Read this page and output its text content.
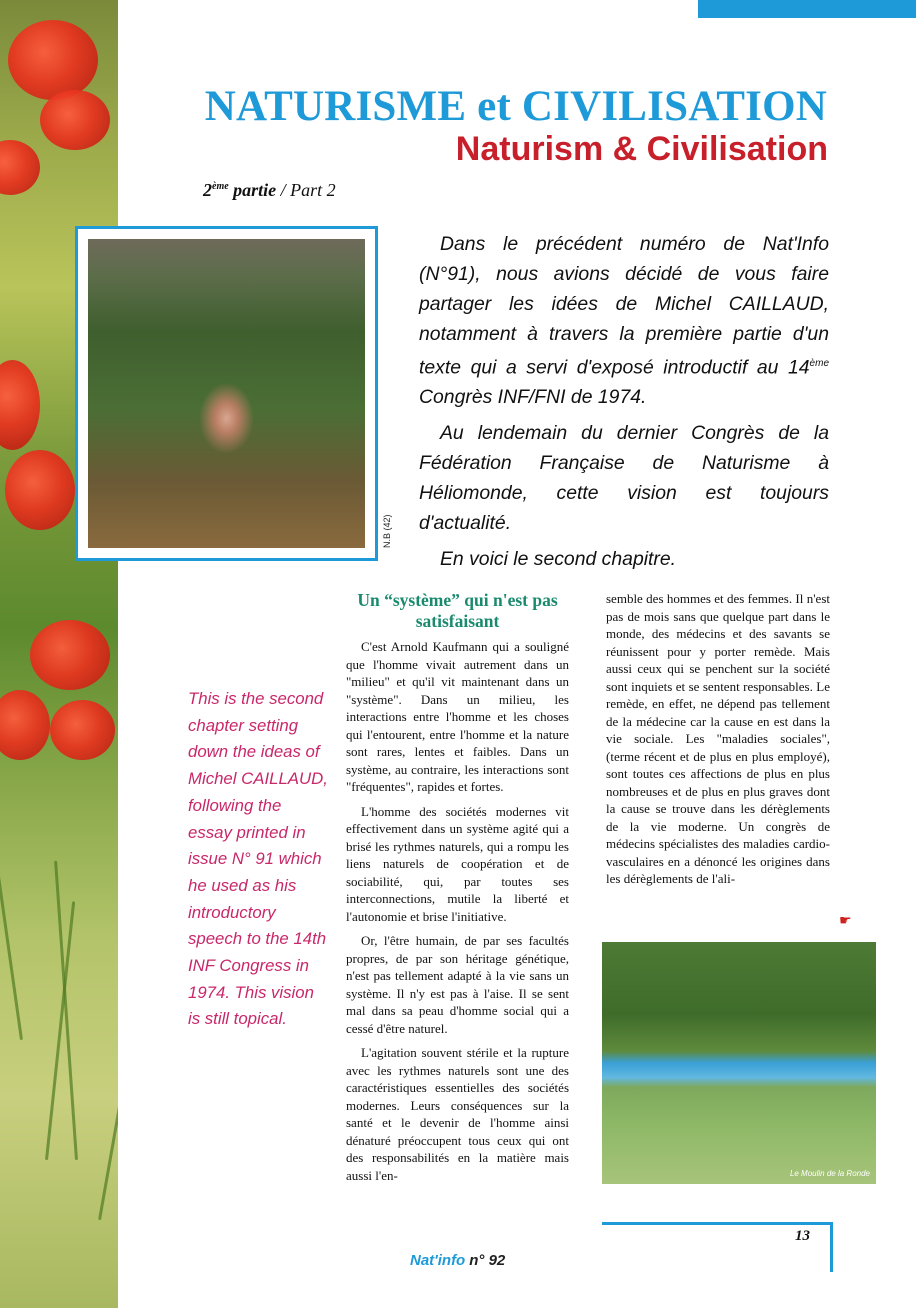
NATURISME et CIVILISATION
Naturism & Civilisation
2ème partie / Part 2
N.B (42)

Dans le précédent numéro de Nat'Info (N°91), nous avions décidé de vous faire partager les idées de Michel CAILLAUD, notamment à travers la première partie d'un texte qui a servi d'exposé introductif au 14ème Congrès INF/FNI de 1974.

Au lendemain du dernier Congrès de la Fédération Française de Naturisme à Héliomonde, cette vision est toujours d'actualité.

En voici le second chapitre.

This is the second chapter setting down the ideas of Michel CAILLAUD, following the essay printed in issue N° 91 which he used as his introductory speech to the 14th INF Congress in 1974. This vision is still topical.
Un “système” qui n'est pas satisfaisant

C'est Arnold Kaufmann qui a souligné que l'homme vivait autrement dans un "milieu" et qu'il vit maintenant dans un "système". Dans un milieu, les interactions entre l'homme et les choses qui l'entourent, entre l'homme et la nature sont rares, lentes et faibles. Dans un système, au contraire, les interactions sont "fréquentes", rapides et fortes.

L'homme des sociétés modernes vit effectivement dans un système agité qui a brisé les rythmes naturels, qui a rompu les liens naturels de coopération et de sociabilité, qui, par toutes ses interconnections, mutile la liberté et l'autonomie et brise l'initiative.

Or, l'être humain, de par ses facultés propres, de par son héritage génétique, n'est pas tellement adapté à la vie sans un système. Il n'y est pas à l'aise. Il se sent mal dans sa peau d'homme social qui a cessé d'être naturel.

L'agitation souvent stérile et la rupture avec les rythmes naturels sont une des caractéristiques essentielles des sociétés modernes. Leurs conséquences sur la santé et le devenir de l'homme ainsi dénaturé préoccupent tous ceux qui ont des responsabilités en la matière mais aussi l'en-

semble des hommes et des femmes. Il n'est pas de mois sans que quelque part dans le monde, des médecins et des savants se réunissent pour y porter remède. Mais aussi ceux qui se penchent sur la société sont inquiets et se sentent responsables. Le remède, en effet, ne dépend pas tellement de la médecine car la cause en est dans la vie sociale. Les "maladies sociales", (terme récent et de plus en plus employé), sont toutes ces affections de plus en plus nombreuses et de plus en plus graves dont la cause se trouve dans les dérèglements de la vie moderne. Un congrès de médecins spécialistes des maladies cardio-vasculaires en a dénoncé les origines dans les dérèglements de l'ali-

☛
Le Moulin de la Ronde
13
Nat'info n° 92
